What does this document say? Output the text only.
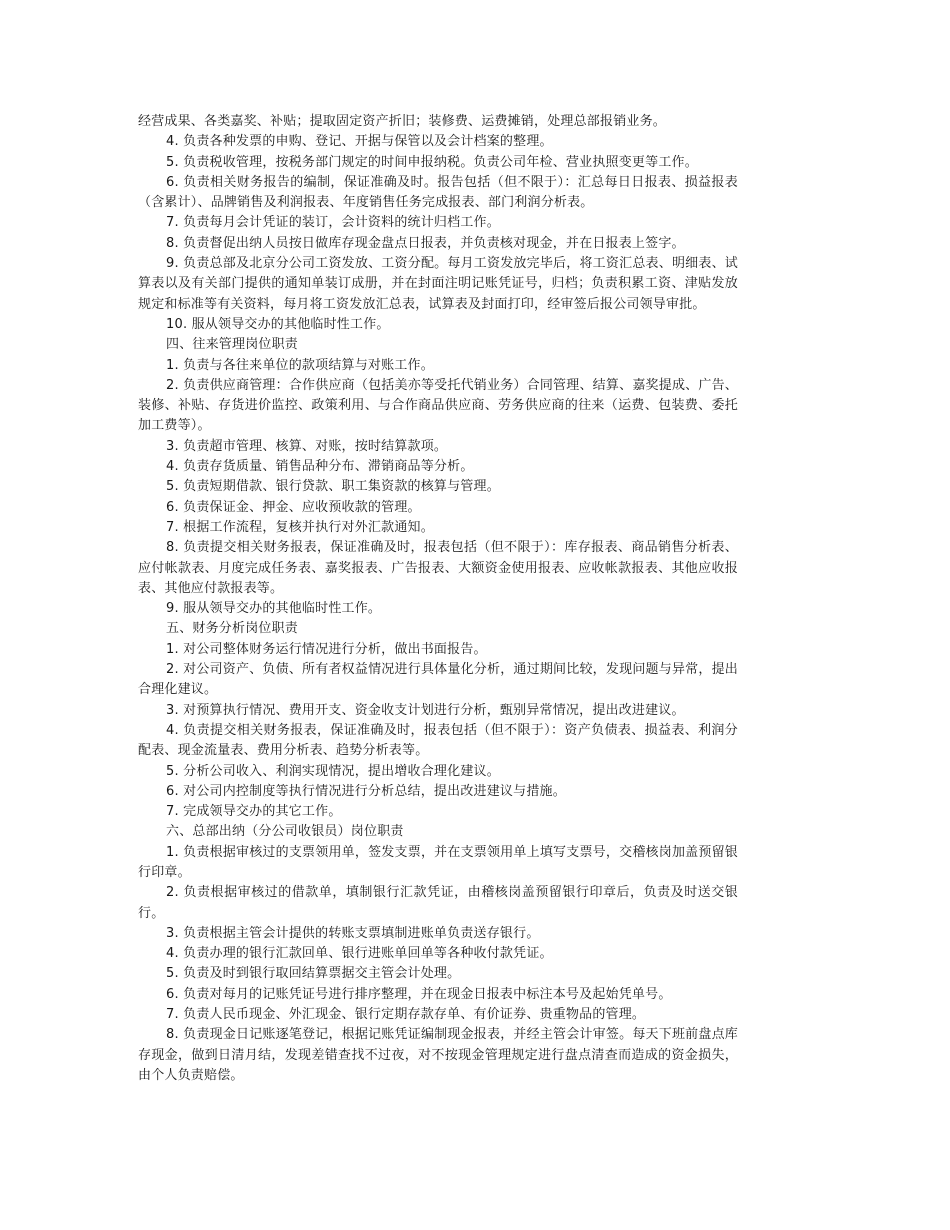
经营成果、各类嘉奖、补贴；提取固定资产折旧；装修费、运费摊销，处理总部报销业务。

4. 负责各种发票的申购、登记、开据与保管以及会计档案的整理。

5. 负责税收管理，按税务部门规定的时间申报纳税。负责公司年检、营业执照变更等工作。

6. 负责相关财务报告的编制，保证准确及时。报告包括（但不限于）：汇总每日日报表、损益报表（含累计）、品牌销售及利润报表、年度销售任务完成报表、部门利润分析表。

7. 负责每月会计凭证的装订，会计资料的统计归档工作。

8. 负责督促出纳人员按日做库存现金盘点日报表，并负责核对现金，并在日报表上签字。

9. 负责总部及北京分公司工资发放、工资分配。每月工资发放完毕后，将工资汇总表、明细表、试算表以及有关部门提供的通知单装订成册，并在封面注明记账凭证号，归档；负责积累工资、津贴发放规定和标准等有关资料，每月将工资发放汇总表，试算表及封面打印，经审签后报公司领导审批。

10. 服从领导交办的其他临时性工作。

四、往来管理岗位职责

1. 负责与各往来单位的款项结算与对账工作。

2. 负责供应商管理：合作供应商（包括美亦等受托代销业务）合同管理、结算、嘉奖提成、广告、装修、补贴、存货进价监控、政策利用、与合作商品供应商、劳务供应商的往来（运费、包装费、委托加工费等）。

3. 负责超市管理、核算、对账，按时结算款项。

4. 负责存货质量、销售品种分布、滞销商品等分析。

5. 负责短期借款、银行贷款、职工集资款的核算与管理。

6. 负责保证金、押金、应收预收款的管理。

7. 根据工作流程，复核并执行对外汇款通知。

8. 负责提交相关财务报表，保证准确及时，报表包括（但不限于）：库存报表、商品销售分析表、应付帐款表、月度完成任务表、嘉奖报表、广告报表、大额资金使用报表、应收帐款报表、其他应收报表、其他应付款报表等。

9. 服从领导交办的其他临时性工作。

五、财务分析岗位职责

1. 对公司整体财务运行情况进行分析，做出书面报告。

2. 对公司资产、负债、所有者权益情况进行具体量化分析，通过期间比较，发现问题与异常，提出合理化建议。

3. 对预算执行情况、费用开支、资金收支计划进行分析，甄别异常情况，提出改进建议。

4. 负责提交相关财务报表，保证准确及时，报表包括（但不限于）：资产负债表、损益表、利润分配表、现金流量表、费用分析表、趋势分析表等。

5. 分析公司收入、利润实现情况，提出增收合理化建议。

6. 对公司内控制度等执行情况进行分析总结，提出改进建议与措施。

7. 完成领导交办的其它工作。

六、总部出纳（分公司收银员）岗位职责

1. 负责根据审核过的支票领用单，签发支票，并在支票领用单上填写支票号，交稽核岗加盖预留银行印章。

2. 负责根据审核过的借款单，填制银行汇款凭证，由稽核岗盖预留银行印章后，负责及时送交银行。

3. 负责根据主管会计提供的转账支票填制进账单负责送存银行。

4. 负责办理的银行汇款回单、银行进账单回单等各种收付款凭证。

5. 负责及时到银行取回结算票据交主管会计处理。

6. 负责对每月的记账凭证号进行排序整理，并在现金日报表中标注本号及起始凭单号。

7. 负责人民币现金、外汇现金、银行定期存款存单、有价证券、贵重物品的管理。

8. 负责现金日记账逐笔登记，根据记账凭证编制现金报表，并经主管会计审签。每天下班前盘点库存现金，做到日清月结，发现差错查找不过夜，对不按现金管理规定进行盘点清查而造成的资金损失，由个人负责赔偿。
